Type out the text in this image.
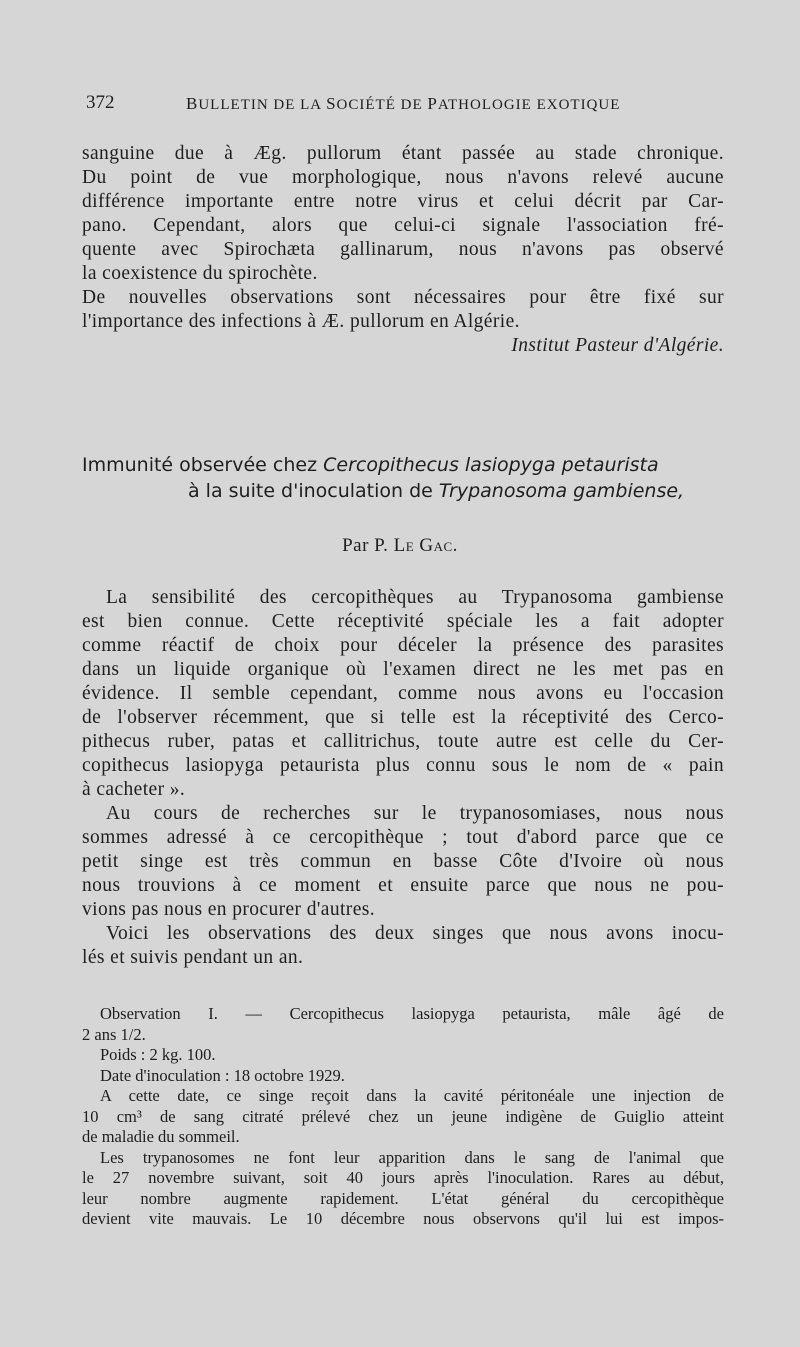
372	BULLETIN DE LA SOCIÉTÉ DE PATHOLOGIE EXOTIQUE
sanguine due à Æg. pullorum étant passée au stade chronique.
Du point de vue morphologique, nous n'avons relevé aucune
différence importante entre notre virus et celui décrit par Car-
pano. Cependant, alors que celui-ci signale l'association fré-
quente avec Spirochæta gallinarum, nous n'avons pas observé
la coexistence du spirochète.
De nouvelles observations sont nécessaires pour être fixé sur
l'importance des infections à Æ. pullorum en Algérie.
Institut Pasteur d'Algérie.
Immunité observée chez Cercopithecus lasiopyga petaurista
à la suite d'inoculation de Trypanosoma gambiense,
Par P. Le Gac.
La sensibilité des cercopithèques au Trypanosoma gambiense
est bien connue. Cette réceptivité spéciale les a fait adopter
comme réactif de choix pour déceler la présence des parasites
dans un liquide organique où l'examen direct ne les met pas en
évidence. Il semble cependant, comme nous avons eu l'occasion
de l'observer récemment, que si telle est la réceptivité des Cerco-
pithecus ruber, patas et callitrichus, toute autre est celle du Cer-
copithecus lasiopyga petaurista plus connu sous le nom de « pain
à cacheter ».
Au cours de recherches sur le trypanosomiases, nous nous
sommes adressé à ce cercopithèque ; tout d'abord parce que ce
petit singe est très commun en basse Côte d'Ivoire où nous
nous trouvions à ce moment et ensuite parce que nous ne pou-
vions pas nous en procurer d'autres.
Voici les observations des deux singes que nous avons inocu-
lés et suivis pendant un an.
Observation I. — Cercopithecus lasiopyga petaurista, mâle âgé de
2 ans 1/2.
Poids : 2 kg. 100.
Date d'inoculation : 18 octobre 1929.
A cette date, ce singe reçoit dans la cavité péritonéale une injection de
10 cm³ de sang citraté prélevé chez un jeune indigène de Guiglio atteint
de maladie du sommeil.
Les trypanosomes ne font leur apparition dans le sang de l'animal que
le 27 novembre suivant, soit 40 jours après l'inoculation. Rares au début,
leur nombre augmente rapidement. L'état général du cercopithèque
devient vite mauvais. Le 10 décembre nous observons qu'il lui est impos-
